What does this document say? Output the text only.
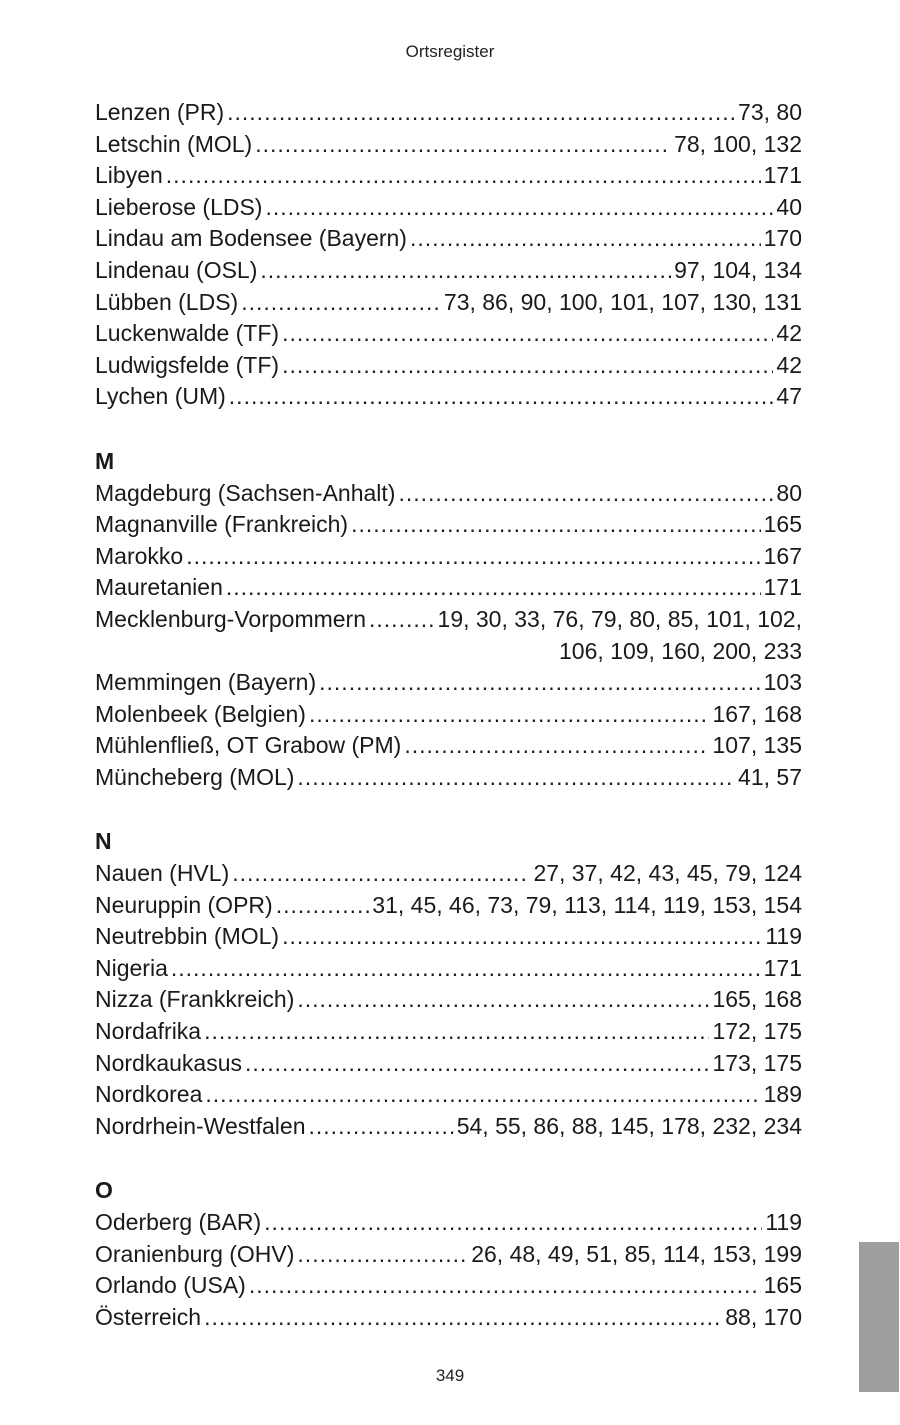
Ortsregister
Lenzen (PR) .....	73, 80
Letschin (MOL) .....	78, 100, 132
Libyen .....	171
Lieberose (LDS) .....	40
Lindau am Bodensee (Bayern) .....	170
Lindenau (OSL) .....	97, 104, 134
Lübben (LDS) .....	73, 86, 90, 100, 101, 107, 130, 131
Luckenwalde (TF) .....	42
Ludwigsfelde (TF) .....	42
Lychen (UM) .....	47
M
Magdeburg (Sachsen-Anhalt) .....	80
Magnanville (Frankreich) .....	165
Marokko .....	167
Mauretanien .....	171
Mecklenburg-Vorpommern .....	19, 30, 33, 76, 79, 80, 85, 101, 102,
106, 109, 160, 200, 233
Memmingen (Bayern) .....	103
Molenbeek (Belgien) .....	167, 168
Mühlenfließ, OT Grabow (PM) .....	107, 135
Müncheberg (MOL) .....	41, 57
N
Nauen (HVL) .....	27, 37, 42, 43, 45, 79, 124
Neuruppin (OPR) .....	31, 45, 46, 73, 79, 113, 114, 119, 153, 154
Neutrebbin (MOL) .....	119
Nigeria .....	171
Nizza (Frankkreich) .....	165, 168
Nordafrika .....	172, 175
Nordkaukasus .....	173, 175
Nordkorea .....	189
Nordrhein-Westfalen .....	54, 55, 86, 88, 145, 178, 232, 234
O
Oderberg (BAR) .....	119
Oranienburg (OHV) .....	26, 48, 49, 51, 85, 114, 153, 199
Orlando (USA) .....	165
Österreich .....	88, 170
349
